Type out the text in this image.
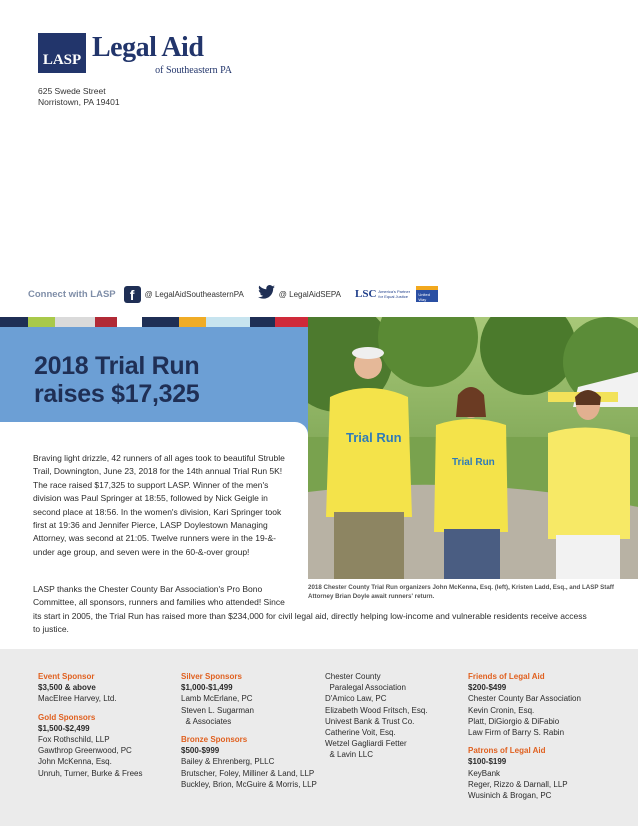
LASP Legal Aid
of Southeastern PA
625 Swede Street
Norristown, PA 19401
Connect with LASP	f	@ LegalAidSoutheasternPA	@ LegalAidSEPA LSC America's Partner for Equal Justice	United Way
Trial Run
Trial Run
2018 Trial Run
raises $17,325

Braving light drizzle, 42 runners of all ages took to beautiful Struble Trail, Downington, June 23, 2018 for the 14th annual Trial Run 5K! The race raised $17,325 to support LASP. Winner of the men's division was Paul Springer at 18:55, followed by Nick Geigle in second place at 18:56. In the women's division, Kari Springer took first at 19:36 and Jennifer Pierce, LASP Doylestown Managing Attorney, was second at 21:05. Twelve runners were in the 19-&-under age group, and seven were in the 60-&-over group!

2018 Chester County Trial Run organizers John McKenna, Esq. (left), Kristen Ladd, Esq., and LASP Staff Attorney Brian Doyle await runners' return.

LASP thanks the Chester County Bar Association's Pro Bono Committee, all sponsors, runners and families who attended! Since
its start in 2005, the Trial Run has raised more than $234,000 for civil legal aid, directly helping low-income and vulnerable residents receive access to justice.

Event Sponsor
$3,500 & above
MacElree Harvey, Ltd.
Gold Sponsors
$1,500-$2,499
Fox Rothschild, LLP
Gawthrop Greenwood, PC
John McKenna, Esq.
Unruh, Turner, Burke & Frees
Silver Sponsors
$1,000-$1,499
Lamb McErlane, PC
Steven L. Sugarman
& Associates
Bronze Sponsors
$500-$999
Bailey & Ehrenberg, PLLC
Brutscher, Foley, Milliner & Land, LLP
Buckley, Brion, McGuire & Morris, LLP
Chester County
Paralegal Association
D'Amico Law, PC
Elizabeth Wood Fritsch, Esq.
Univest Bank & Trust Co.
Catherine Voit, Esq.
Wetzel Gagliardi Fetter
& Lavin LLC
Friends of Legal Aid
$200-$499
Chester County Bar Association
Kevin Cronin, Esq.
Platt, DiGiorgio & DiFabio
Law Firm of Barry S. Rabin
Patrons of Legal Aid
$100-$199
KeyBank
Reger, Rizzo & Darnall, LLP
Wusinich & Brogan, PC
